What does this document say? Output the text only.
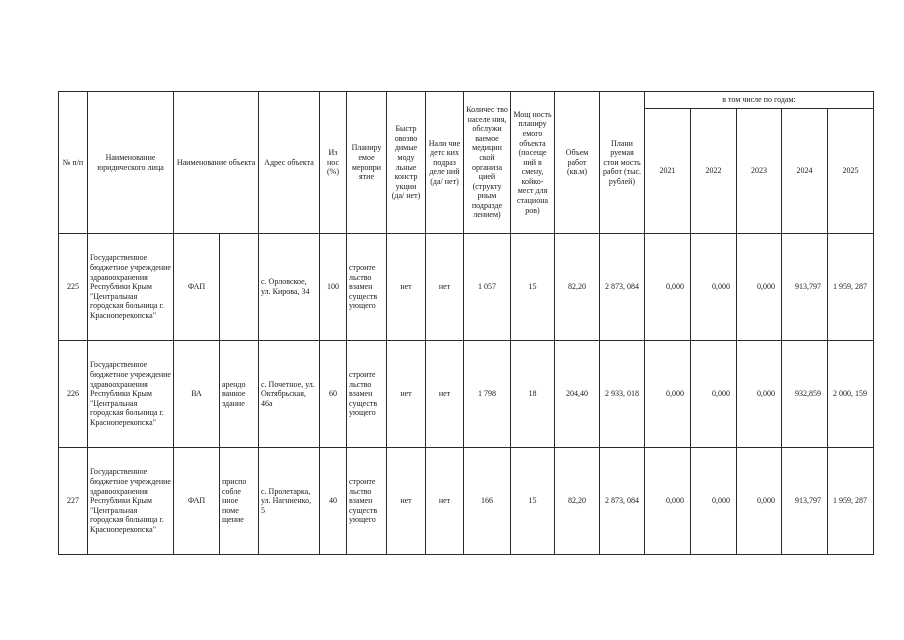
№ п/п	Наименование юридического лица	Наименование объекта		Адрес объекта	Из нос (%)	Планиру емое меропри ятие	Быстр овозво димые моду льные констр укции (да/ нет)	Нали чие детс ких подраз деле ний (да/ нет)	Количес тво населе ния, обслужи ваемое медицин ской организа цией (структу рным подразде лением)	Мощ ность планиру емого объекта (посеще ний в смену, койко- мест для стациона ров)	Объем работ (кв.м)	Плани руемая стои мость работ (тыс. рублей)	в том числе по годам:				
													2021	2022	2023	2024	2025
225	Государственное бюджетное учреждение здравоохранения Республики Крым "Центральная городская больница г. Красноперекопска"	ФАП		с. Орловское, ул. Кирова, 34	100	строите льство взамен существ ующего	нет	нет	1 057	15	82,20	2 873, 084	0,000	0,000	0,000	913,797	1 959, 287
226	Государственное бюджетное учреждение здравоохранения Республики Крым "Центральная городская больница г. Красноперекопска"	ВА	арендо ванное здание	с. Почетное, ул. Октябрьская, 46а	60	строите льство взамен существ ующего	нет	нет	1 798	18	204,40	2 933, 018	0,000	0,000	0,000	932,859	2 000, 159
227	Государственное бюджетное учреждение здравоохранения Республики Крым "Центральная городская больница г. Красноперекопска"	ФАП	приспо собле нное поме щение	с. Пролетарка, ул. Нагниенко, 5	40	строите льство взамен существ ующего	нет	нет	166	15	82,20	2 873, 084	0,000	0,000	0,000	913,797	1 959, 287
